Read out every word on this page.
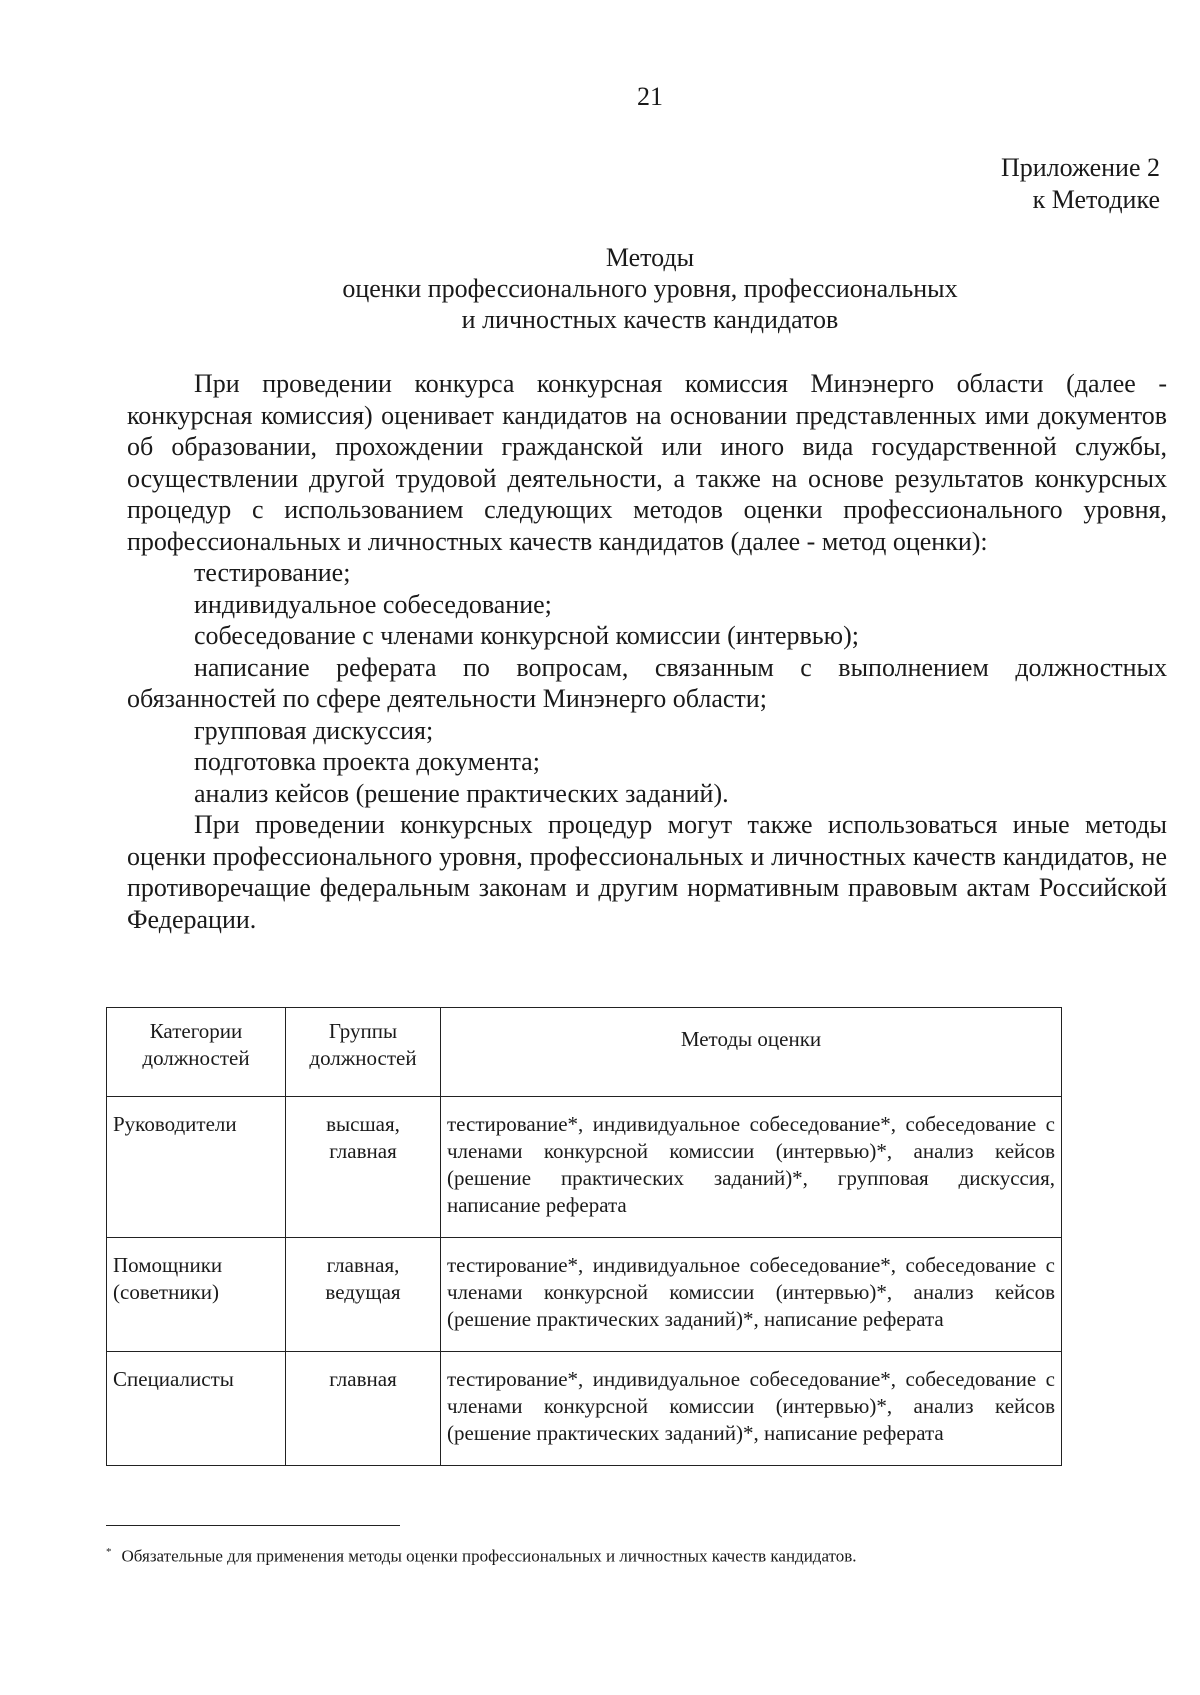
21
Приложение 2
к Методике
Методы
оценки профессионального уровня, профессиональных
и личностных качеств кандидатов

При проведении конкурса конкурсная комиссия Минэнерго области (далее - конкурсная комиссия) оценивает кандидатов на основании представленных ими документов об образовании, прохождении гражданской или иного вида государственной службы, осуществлении другой трудовой деятельности, а также на основе результатов конкурсных процедур с использованием следующих методов оценки профессионального уровня, профессиональных и личностных качеств кандидатов (далее - метод оценки):

тестирование;

индивидуальное собеседование;

собеседование с членами конкурсной комиссии (интервью);

написание реферата по вопросам, связанным с выполнением должностных обязанностей по сфере деятельности Минэнерго области;

групповая дискуссия;

подготовка проекта документа;

анализ кейсов (решение практических заданий).

При проведении конкурсных процедур могут также использоваться иные методы оценки профессионального уровня, профессиональных и личностных качеств кандидатов, не противоречащие федеральным законам и другим нормативным правовым актам Российской Федерации.

Категории должностей	Группы должностей	Методы оценки
Руководители	высшая, главная	тестирование*, индивидуальное собеседование*, собеседование с членами конкурсной комиссии (интервью)*, анализ кейсов (решение практических заданий)*, групповая дискуссия, написание реферата
Помощники (советники)	главная, ведущая	тестирование*, индивидуальное собеседование*, собеседование с членами конкурсной комиссии (интервью)*, анализ кейсов (решение практических заданий)*, написание реферата
Специалисты	главная	тестирование*, индивидуальное собеседование*, собеседование с членами конкурсной комиссии (интервью)*, анализ кейсов (решение практических заданий)*, написание реферата
* Обязательные для применения методы оценки профессиональных и личностных качеств кандидатов.
